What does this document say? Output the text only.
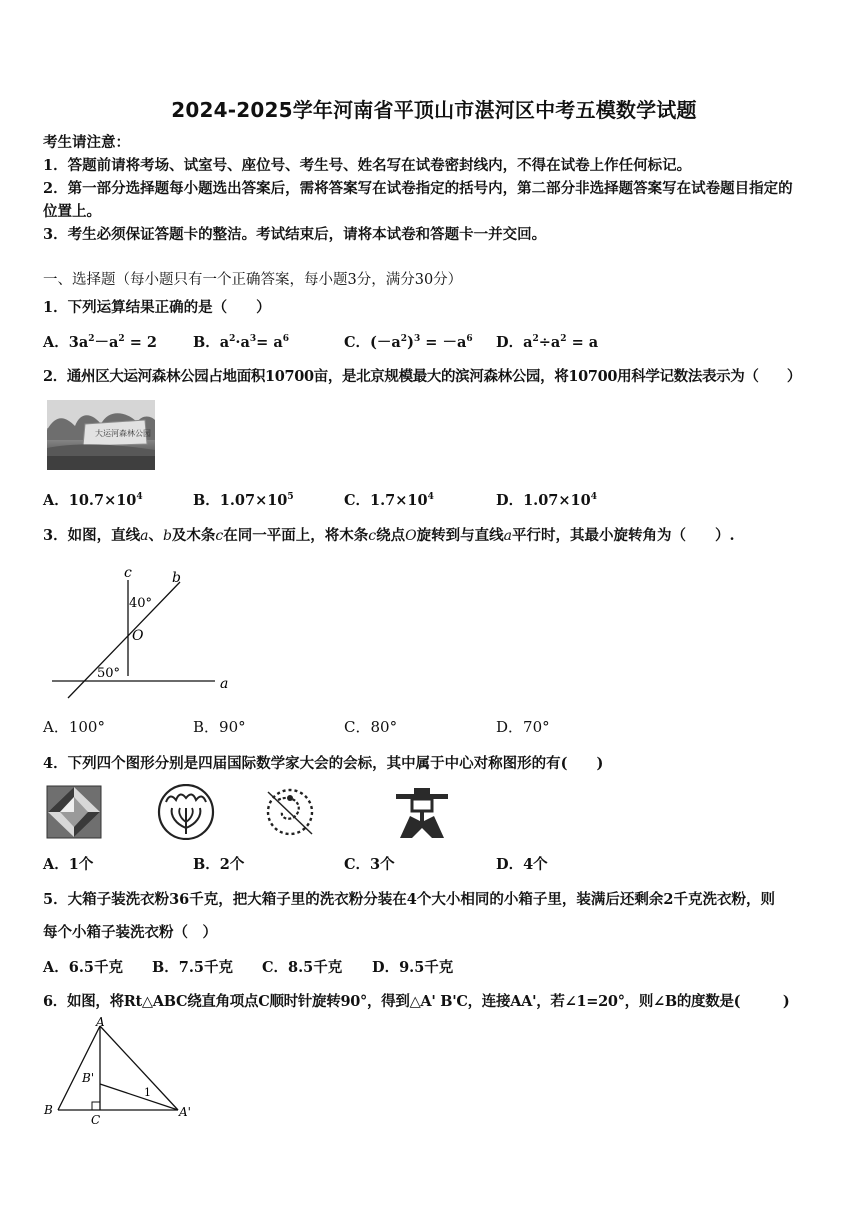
2024-2025学年河南省平顶山市湛河区中考五模数学试题
考生请注意：
1．答题前请将考场、试室号、座位号、考生号、姓名写在试卷密封线内，不得在试卷上作任何标记。
2．第一部分选择题每小题选出答案后，需将答案写在试卷指定的括号内，第二部分非选择题答案写在试卷题目指定的
位置上。
3．考生必须保证答题卡的整洁。考试结束后，请将本试卷和答题卡一并交回。
一、选择题（每小题只有一个正确答案，每小题3分，满分30分）
1．下列运算结果正确的是（　　）
A．$3a^2-a^2 = 2$ B．$a^2\cdot a^3= a^6$	C．$(-a^2)^3 = -a^6$ D．$a^2\div a^2 = a$
2．通州区大运河森林公园占地面积10700亩，是北京规模最大的滨河森林公园，将10700用科学记数法表示为（　　）
大运河森林公园
A．$10.7\times 10^4$	B．$1.07\times 10^5$	C．$1.7\times 10^4$	D．$1.07\times 10^4$
3．如图，直线a、b及木条c在同一平面上，将木条c绕点O旋转到与直线a平行时，其最小旋转角为（　　）.
c	b
a
O
40°
50°
A．100°	B．90°	C．80°	D．70°
4．下列四个图形分别是四届国际数学家大会的会标，其中属于中心对称图形的有(　　)
A．1个	B．2个	C．3个	D．4个
5．大箱子装洗衣粉36千克，把大箱子里的洗衣粉分装在4个大小相同的小箱子里，装满后还剩余2千克洗衣粉，则
每个小箱子装洗衣粉（　）
A．6.5千克 B．7.5千克 C．8.5千克 D．9.5千克
6．如图，将Rt△ABC绕直角项点C顺时针旋转90°，得到△A' B'C，连接AA'，若∠1=20°，则∠B的度数是(　　　)
A
B
C
B'
A'
1
